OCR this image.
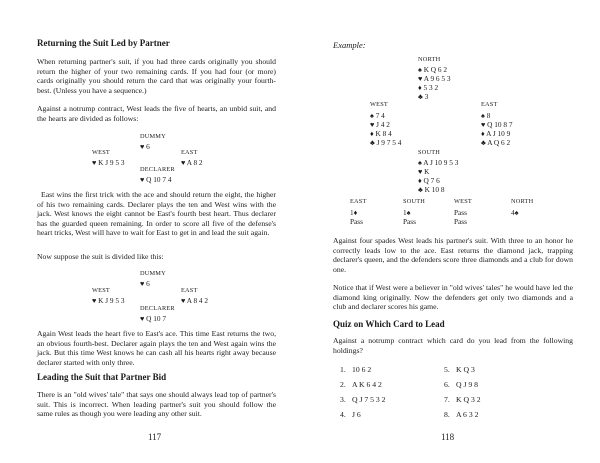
Returning the Suit Led by Partner
When returning partner's suit, if you had three cards originally you should return the higher of your two remaining cards. If you had four (or more) cards originally you should return the card that was originally your fourth-best. (Unless you have a sequence.)
Against a notrump contract, West leads the five of hearts, an unbid suit, and the hearts are divided as follows:
DUMMY
♥ 6
WEST
♥ K J 9 5 3
EAST
♥ A 8 2
DECLARER
♥ Q 10 7 4
East wins the first trick with the ace and should return the eight, the higher of his two remaining cards. Declarer plays the ten and West wins with the jack. West knows the eight cannot be East's fourth best heart. Thus declarer has the guarded queen remaining. In order to score all five of the defense's heart tricks, West will have to wait for East to get in and lead the suit again.
Now suppose the suit is divided like this:
DUMMY
♥ 6
WEST
♥ K J 9 5 3
EAST
♥ A 8 4 2
DECLARER
♥ Q 10 7
Again West leads the heart five to East's ace. This time East returns the two, an obvious fourth-best. Declarer again plays the ten and West again wins the jack. But this time West knows he can cash all his hearts right away because declarer started with only three.
Leading the Suit that Partner Bid
There is an "old wives' tale" that says one should always lead top of partner's suit. This is incorrect. When leading partner's suit you should follow the same rules as though you were leading any other suit.
117
Example:
NORTH
♠ K Q 6 2
♥ A 9 6 5 3
♦ 5 3 2
♣ 3
WEST
♠ 7 4
♥ J 4 2
♦ K 8 4
♣ J 9 7 5 4
EAST
♠ 8
♥ Q 10 8 7
♦ A J 10 9
♣ A Q 6 2
SOUTH
♠ A J 10 9 5 3
♥ K
♦ Q 7 6
♣ K 10 8
EAST	SOUTH	WEST	NORTH
1♦	1♠	Pass	4♠
Pass	Pass	Pass
Against four spades West leads his partner's suit. With three to an honor he correctly leads low to the ace. East returns the diamond jack, trapping declarer's queen, and the defenders score three diamonds and a club for down one.
Notice that if West were a believer in "old wives' tales" he would have led the diamond king originally. Now the defenders get only two diamonds and a club and declarer scores his game.
Quiz on Which Card to Lead
Against a notrump contract which card do you lead from the following holdings?
1. 10 6 2
2. A K 6 4 2
3. Q J 7 5 3 2
4. J 6
5. K Q 3
6. Q J 9 8
7. K Q 3 2
8. A 6 3 2
118
